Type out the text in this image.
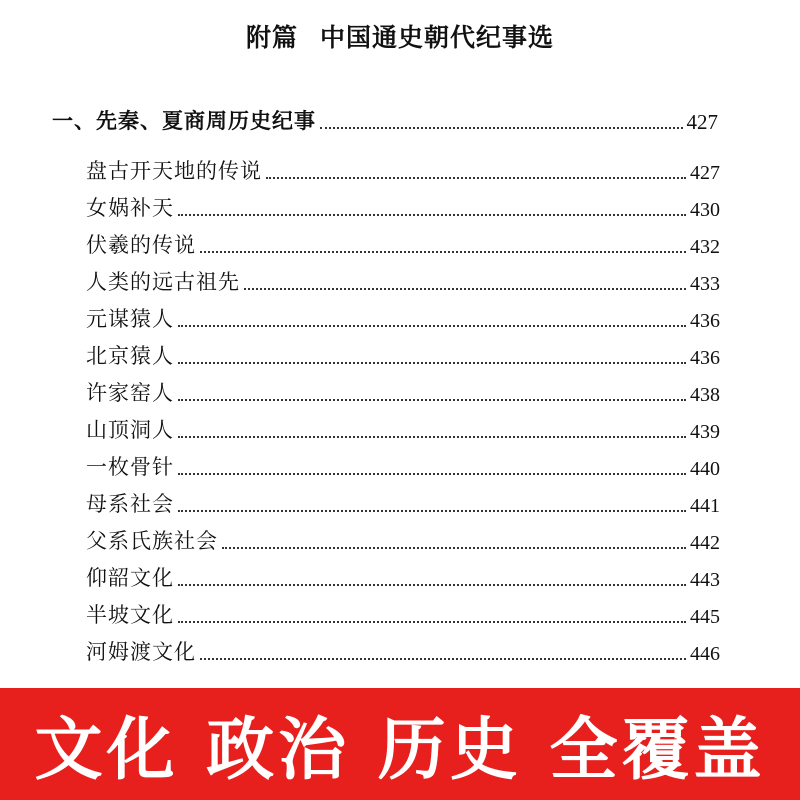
附篇 中国通史朝代纪事选
一、先秦、夏商周历史纪事	427
盘古开天地的传说	427
女娲补天	430
伏羲的传说	432
人类的远古祖先	433
元谋猿人	436
北京猿人	436
许家窑人	438
山顶洞人	439
一枚骨针	440
母系社会	441
父系氏族社会	442
仰韶文化	443
半坡文化	445
河姆渡文化	446
文化 政治 历史 全覆盖
